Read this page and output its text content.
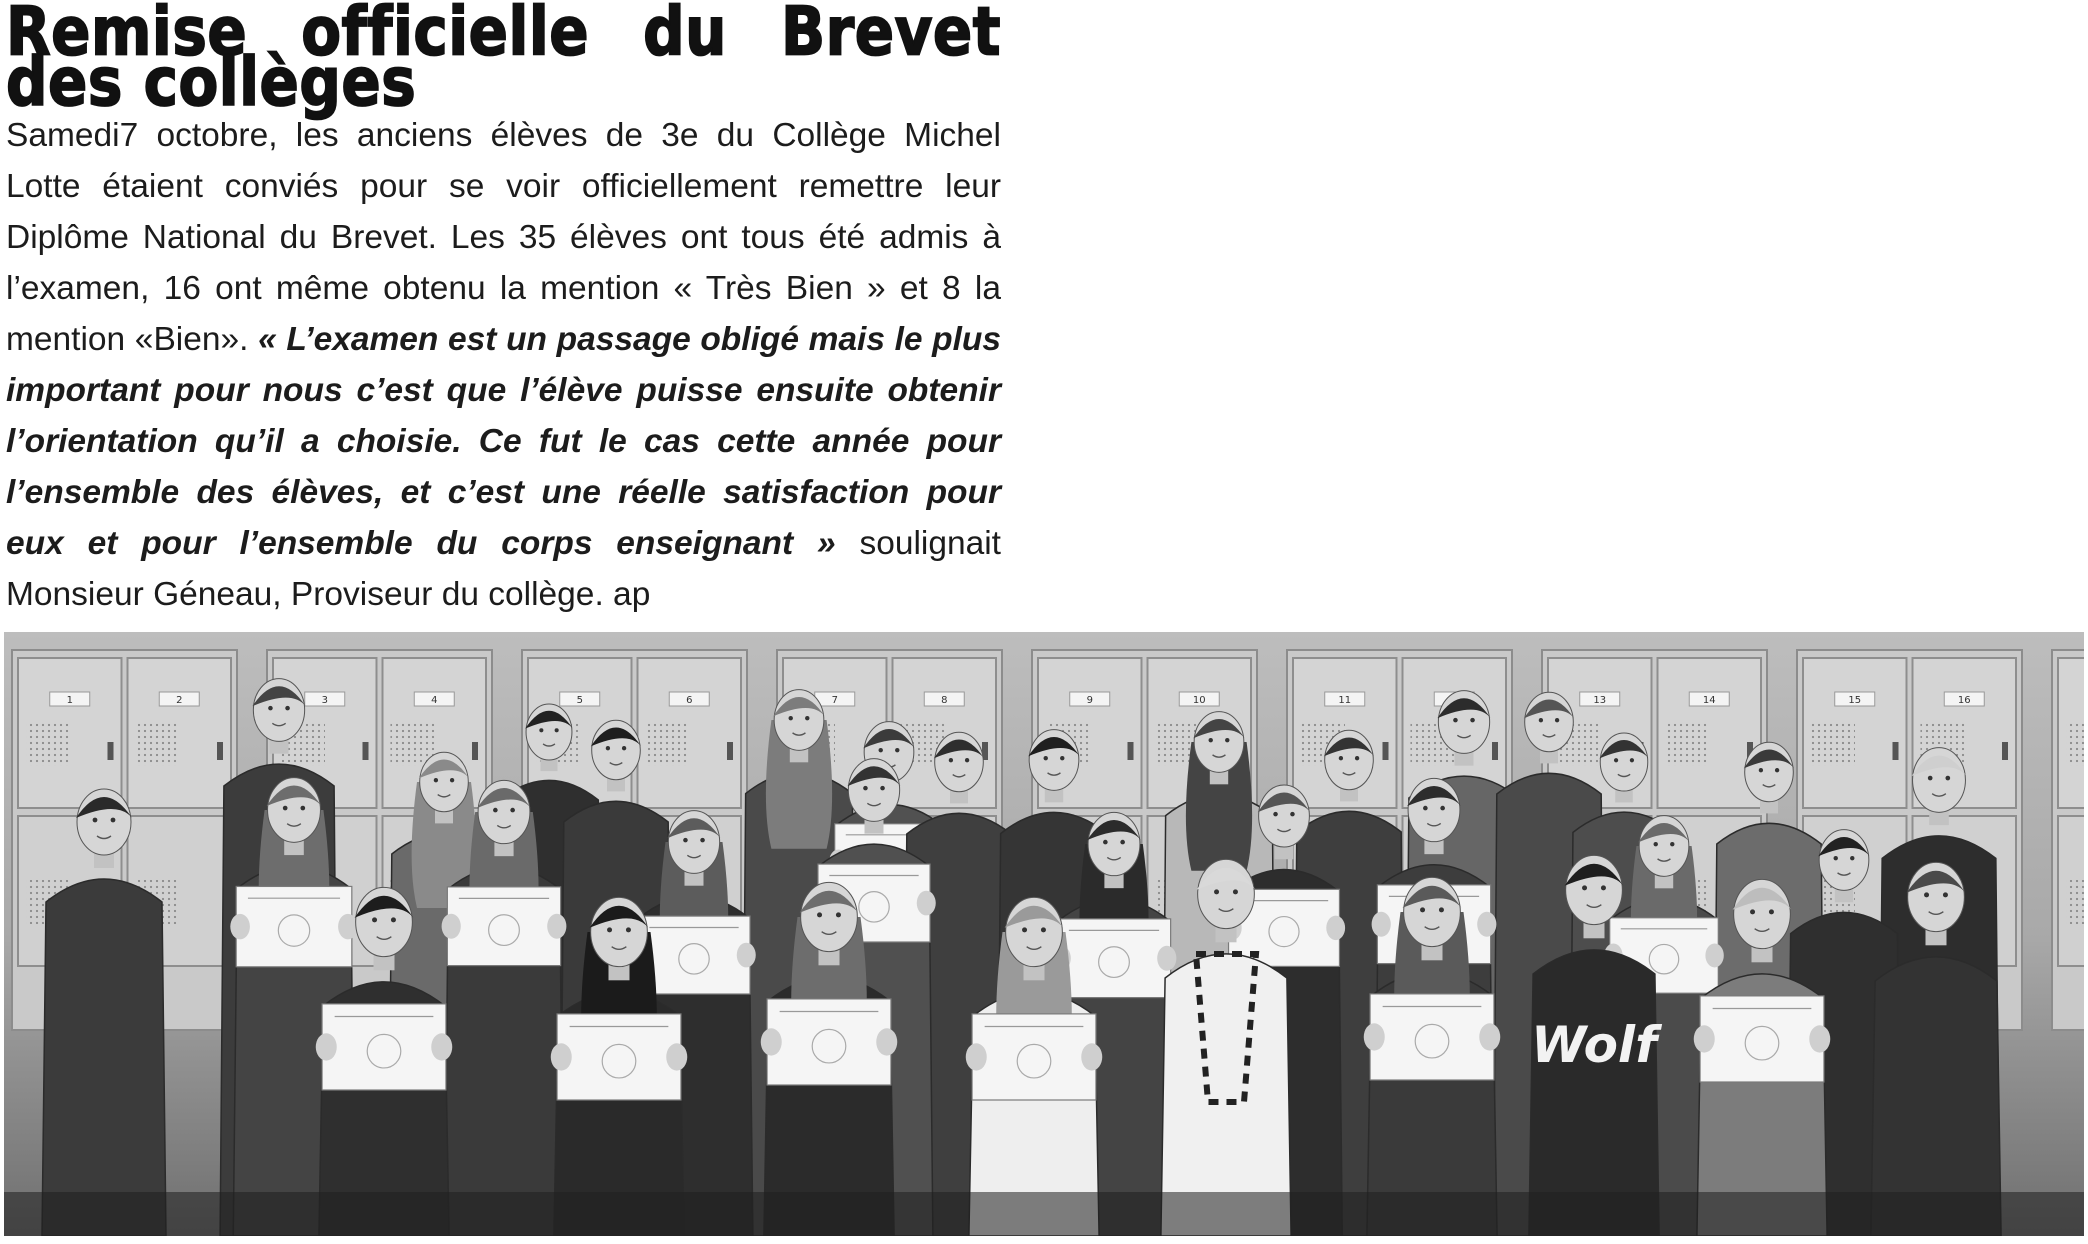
Remise officielle du Brevet des collèges

Samedi7 octobre, les anciens élèves de 3e du Collège Michel Lotte étaient conviés pour se voir officiellement remettre leur Diplôme National du Brevet. Les 35 élèves ont tous été admis à l’examen, 16 ont même obtenu la mention « Très Bien » et 8 la mention «Bien». « L’examen est un passage obligé mais le plus important pour nous c’est que l’élève puisse ensuite obtenir l’orientation qu’il a choisie. Ce fut le cas cette année pour l’ensemble des élèves, et c’est une réelle satisfaction pour eux et pour l’ensemble du corps enseignant » soulignait Monsieur Géneau, Proviseur du collège. ap

1	2	3	4	5	6	7	8	9	10	11	13	14	15	16
Wolf
